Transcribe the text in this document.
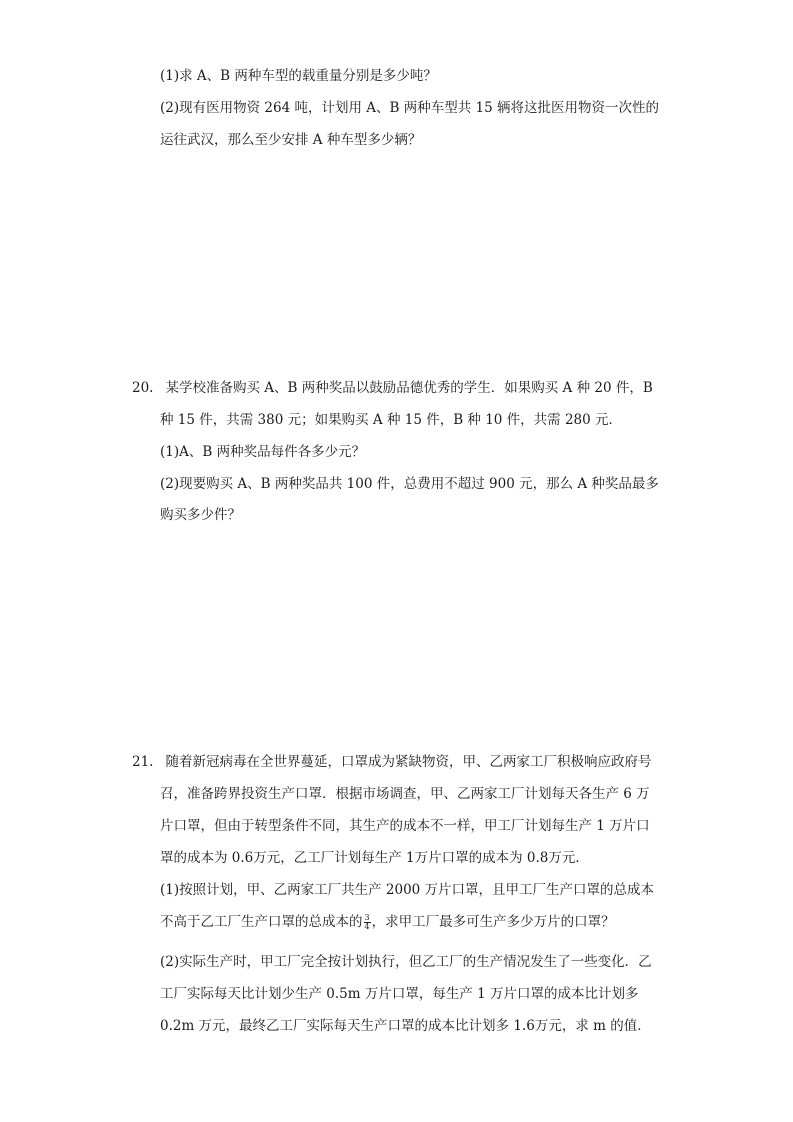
(1)求 A、B 两种车型的载重量分别是多少吨？
(2)现有医用物资 264 吨，计划用 A、B 两种车型共 15 辆将这批医用物资一次性的
运往武汉，那么至少安排 A 种车型多少辆？
20. 某学校准备购买 A、B 两种奖品以鼓励品德优秀的学生．如果购买 A 种 20 件，B
种 15 件，共需 380 元；如果购买 A 种 15 件，B 种 10 件，共需 280 元．
(1)A、B 两种奖品每件各多少元？
(2)现要购买 A、B 两种奖品共 100 件，总费用不超过 900 元，那么 A 种奖品最多
购买多少件？
21. 随着新冠病毒在全世界蔓延，口罩成为紧缺物资，甲、乙两家工厂积极响应政府号
召，准备跨界投资生产口罩．根据市场调查，甲、乙两家工厂计划每天各生产 6 万
片口罩，但由于转型条件不同，其生产的成本不一样，甲工厂计划每生产 1 万片口
罩的成本为 0.6万元，乙工厂计划每生产 1万片口罩的成本为 0.8万元．
(1)按照计划，甲、乙两家工厂共生产 2000 万片口罩，且甲工厂生产口罩的总成本
不高于乙工厂生产口罩的总成本的 $\frac{3}{4}$ ，求甲工厂最多可生产多少万片的口罩？
(2)实际生产时，甲工厂完全按计划执行，但乙工厂的生产情况发生了一些变化．乙
工厂实际每天比计划少生产 0.5m 万片口罩，每生产 1 万片口罩的成本比计划多
0.2m 万元，最终乙工厂实际每天生产口罩的成本比计划多 1.6万元，求 m 的值．
